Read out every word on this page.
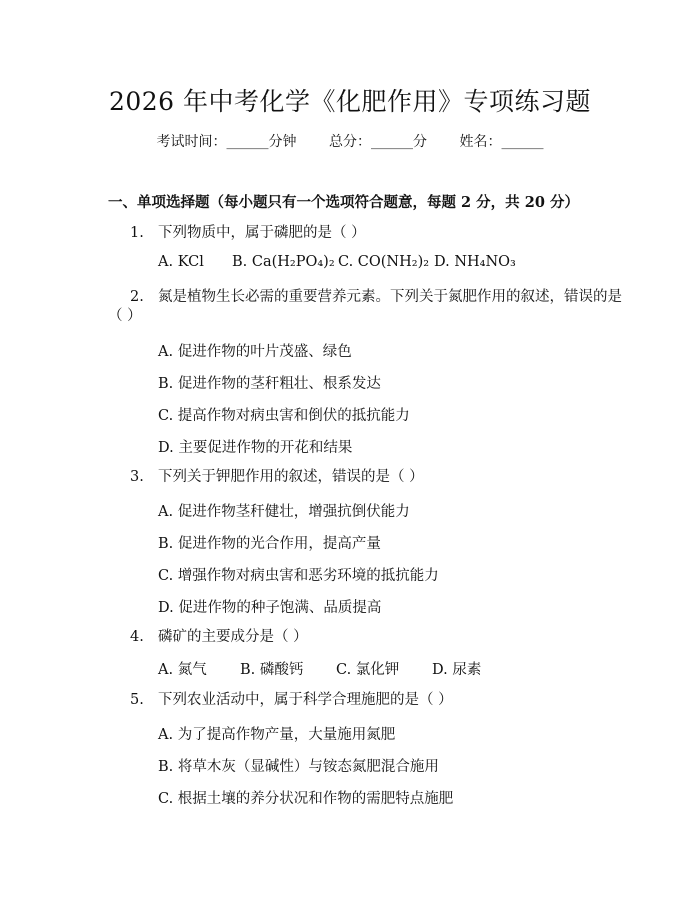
2026 年中考化学《化肥作用》专项练习题
考试时间：______分钟 总分：______分 姓名：______
一、单项选择题（每小题只有一个选项符合题意，每题 2 分，共 20 分）
1. 下列物质中，属于磷肥的是（ ）
A. KCl B. Ca(H₂PO₄)₂ C. CO(NH₂)₂ D. NH₄NO₃
2. 氮是植物生长必需的重要营养元素。下列关于氮肥作用的叙述，错误的是
（ ）
A. 促进作物的叶片茂盛、绿色
B. 促进作物的茎秆粗壮、根系发达
C. 提高作物对病虫害和倒伏的抵抗能力
D. 主要促进作物的开花和结果
3. 下列关于钾肥作用的叙述，错误的是（ ）
A. 促进作物茎秆健壮，增强抗倒伏能力
B. 促进作物的光合作用，提高产量
C. 增强作物对病虫害和恶劣环境的抵抗能力
D. 促进作物的种子饱满、品质提高
4. 磷矿的主要成分是（ ）
A. 氮气 B. 磷酸钙 C. 氯化钾 D. 尿素
5. 下列农业活动中，属于科学合理施肥的是（ ）
A. 为了提高作物产量，大量施用氮肥
B. 将草木灰（显碱性）与铵态氮肥混合施用
C. 根据土壤的养分状况和作物的需肥特点施肥
